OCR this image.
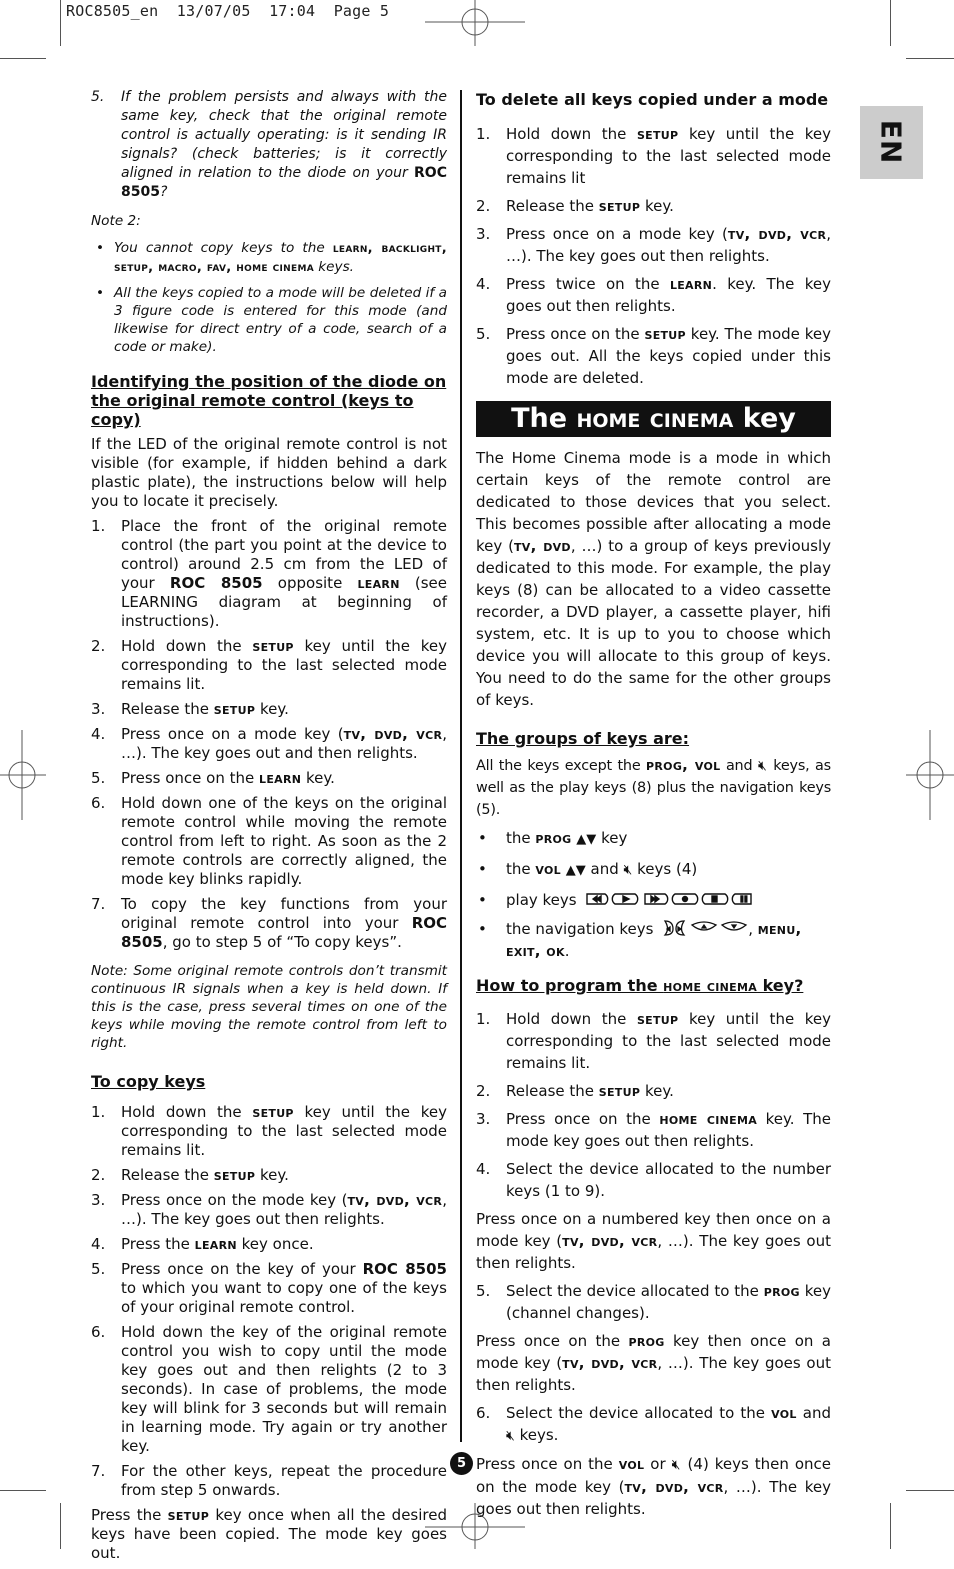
ROC8505_en  13/07/05  17:04  Page 5
EN
5. If the problem persists and always with the same key, check that the original remote control is actually operating: is it sending IR signals? (check batteries; is it correctly aligned in relation to the diode on your ROC 8505?

Note 2:

• You cannot copy keys to the learn, backlight, setup, macro, fav, home cinema keys.
• All the keys copied to a mode will be deleted if a 3 figure code is entered for this mode (and likewise for direct entry of a code, search of a code or make).
Identifying the position of the diode on the original remote control (keys to copy)

If the LED of the original remote control is not visible (for example, if hidden behind a dark plastic plate), the instructions below will help you to locate it precisely.

1. Place the front of the original remote control (the part you point at the device to control) around 2.5 cm from the LED of your ROC 8505 opposite learn (see LEARNING diagram at beginning of instructions).
2. Hold down the setup key until the key corresponding to the last selected mode remains lit.
3. Release the setup key.
4. Press once on a mode key (tv, dvd, vcr, …). The key goes out and then relights.
5. Press once on the learn key.
6. Hold down one of the keys on the original remote control while moving the remote control from left to right. As soon as the 2 remote controls are correctly aligned, the mode key blinks rapidly.
7. To copy the key functions from your original remote control into your ROC 8505, go to step 5 of “To copy keys”.

Note: Some original remote controls don’t transmit continuous IR signals when a key is held down. If this is the case, press several times on one of the keys while moving the remote control from left to right.

To copy keys
1. Hold down the setup key until the key corresponding to the last selected mode remains lit.
2. Release the setup key.
3. Press once on the mode key (tv, dvd, vcr, …). The key goes out then relights.
4. Press the learn key once.
5. Press once on the key of your ROC 8505 to which you want to copy one of the keys of your original remote control.
6. Hold down the key of the original remote control you wish to copy until the mode key goes out and then relights (2 to 3 seconds). In case of problems, the mode key will blink for 3 seconds but will remain in learning mode. Try again or try another key.
7. For the other keys, repeat the procedure from step 5 onwards.

Press the setup key once when all the desired keys have been copied. The mode key goes out.

To delete all keys copied under a mode
1. Hold down the setup key until the key corresponding to the last selected mode remains lit
2. Release the setup key.
3. Press once on a mode key (tv, dvd, vcr, …). The key goes out then relights.
4. Press twice on the learn. key. The key goes out then relights.
5. Press once on the setup key. The mode key goes out. All the keys copied under this mode are deleted.
The home cinema key

The Home Cinema mode is a mode in which certain keys of the remote control are dedicated to those devices that you select. This becomes possible after allocating a mode key (tv, dvd, …) to a group of keys previously dedicated to this mode. For example, the play keys (8) can be allocated to a video cassette recorder, a DVD player, a cassette player, hifi system, etc. It is up to you to choose which device you will allocate to this group of keys. You need to do the same for the other groups of keys.

The groups of keys are:

All the keys except the prog, vol and 🔇︎ keys, as well as the play keys (8) plus the navigation keys (5).

• the prog ▲▼ key
• the vol ▲▼ and 🔇︎ keys (4)
• play keys
• the navigation keys	, menu, exit, ok.
How to program the home cinema key?
1. Hold down the setup key until the key corresponding to the last selected mode remains lit.
2. Release the setup key.
3. Press once on the home cinema key. The mode key goes out then relights.
4. Select the device allocated to the number keys (1 to 9).

Press once on a numbered key then once on a mode key (tv, dvd, vcr, …). The key goes out then relights.

5. Select the device allocated to the prog key (channel changes).

Press once on the prog key then once on a mode key (tv, dvd, vcr, …). The key goes out then relights.

6. Select the device allocated to the vol and 🔇︎ keys.

Press once on the vol or 🔇︎ (4) keys then once on the mode key (tv, dvd, vcr, …). The key goes out then relights.

5
